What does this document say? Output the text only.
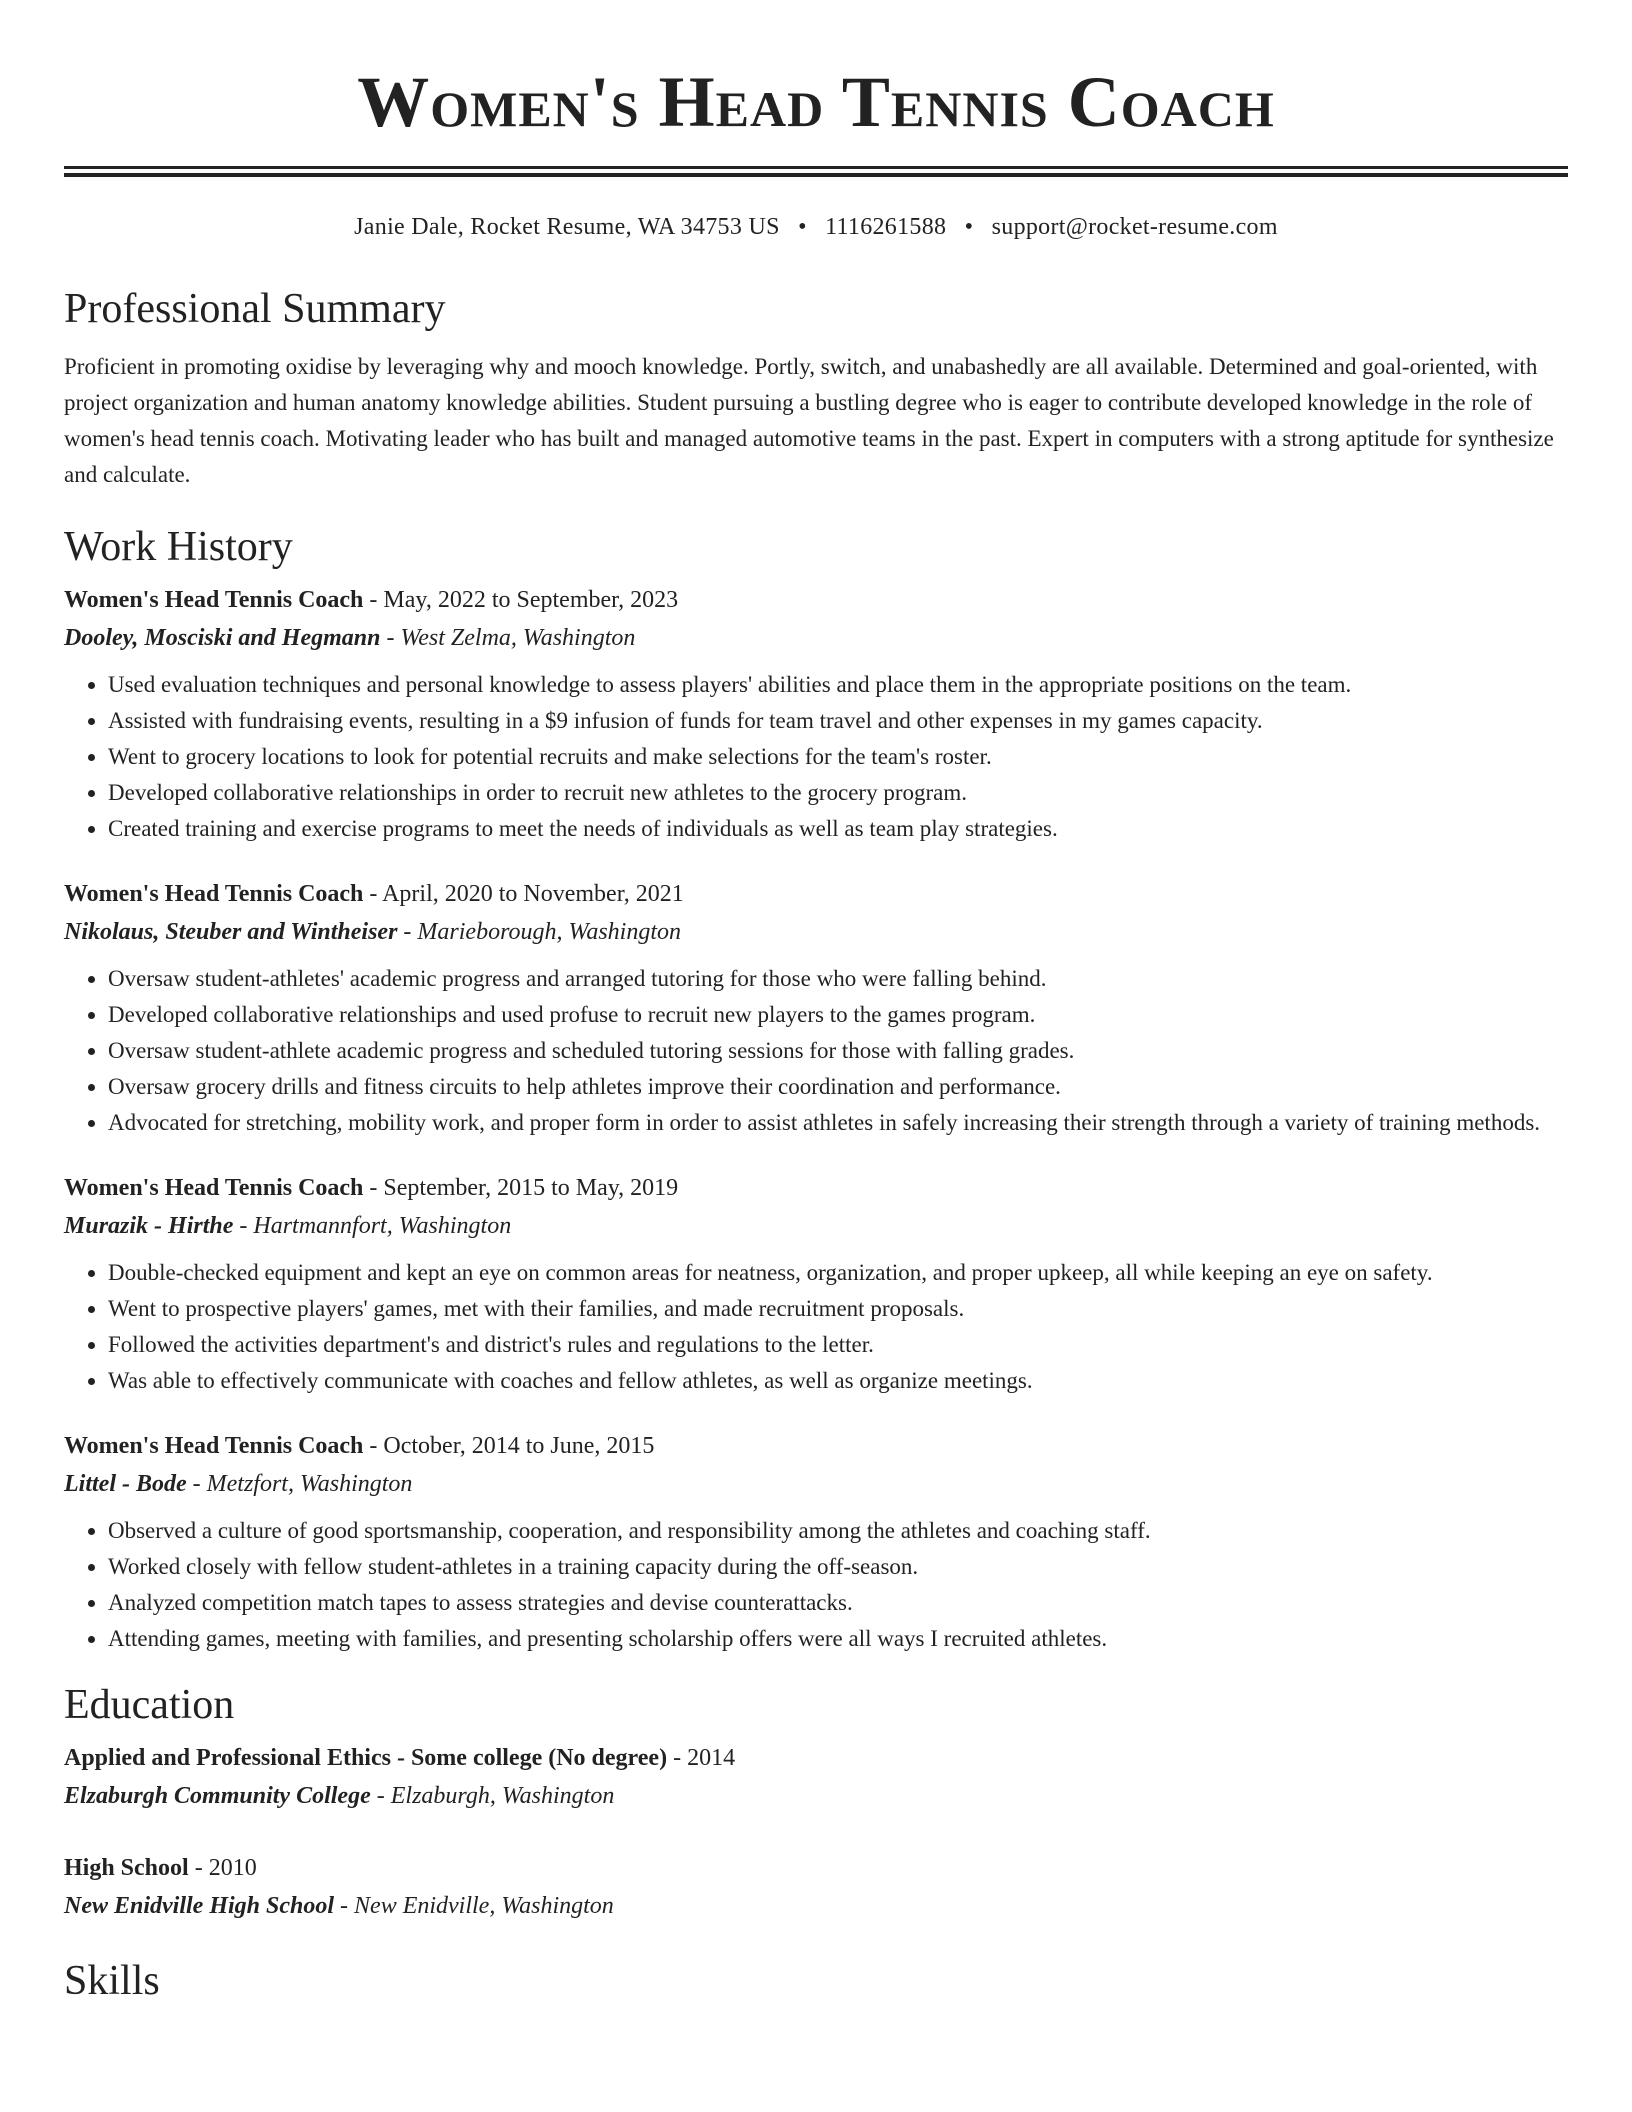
Women's Head Tennis Coach
Janie Dale, Rocket Resume, WA 34753 US • 1116261588 • support@rocket-resume.com
Professional Summary

Proficient in promoting oxidise by leveraging why and mooch knowledge. Portly, switch, and unabashedly are all available. Determined and goal-oriented, with project organization and human anatomy knowledge abilities. Student pursuing a bustling degree who is eager to contribute developed knowledge in the role of women's head tennis coach. Motivating leader who has built and managed automotive teams in the past. Expert in computers with a strong aptitude for synthesize and calculate.

Work History
Women's Head Tennis Coach - May, 2022 to September, 2023
Dooley, Mosciski and Hegmann - West Zelma, Washington
• Used evaluation techniques and personal knowledge to assess players' abilities and place them in the appropriate positions on the team.
• Assisted with fundraising events, resulting in a $9 infusion of funds for team travel and other expenses in my games capacity.
• Went to grocery locations to look for potential recruits and make selections for the team's roster.
• Developed collaborative relationships in order to recruit new athletes to the grocery program.
• Created training and exercise programs to meet the needs of individuals as well as team play strategies.
Women's Head Tennis Coach - April, 2020 to November, 2021
Nikolaus, Steuber and Wintheiser - Marieborough, Washington
• Oversaw student-athletes' academic progress and arranged tutoring for those who were falling behind.
• Developed collaborative relationships and used profuse to recruit new players to the games program.
• Oversaw student-athlete academic progress and scheduled tutoring sessions for those with falling grades.
• Oversaw grocery drills and fitness circuits to help athletes improve their coordination and performance.
• Advocated for stretching, mobility work, and proper form in order to assist athletes in safely increasing their strength through a variety of training methods.
Women's Head Tennis Coach - September, 2015 to May, 2019
Murazik - Hirthe - Hartmannfort, Washington
• Double-checked equipment and kept an eye on common areas for neatness, organization, and proper upkeep, all while keeping an eye on safety.
• Went to prospective players' games, met with their families, and made recruitment proposals.
• Followed the activities department's and district's rules and regulations to the letter.
• Was able to effectively communicate with coaches and fellow athletes, as well as organize meetings.
Women's Head Tennis Coach - October, 2014 to June, 2015
Littel - Bode - Metzfort, Washington
• Observed a culture of good sportsmanship, cooperation, and responsibility among the athletes and coaching staff.
• Worked closely with fellow student-athletes in a training capacity during the off-season.
• Analyzed competition match tapes to assess strategies and devise counterattacks.
• Attending games, meeting with families, and presenting scholarship offers were all ways I recruited athletes.
Education
Applied and Professional Ethics - Some college (No degree) - 2014
Elzaburgh Community College - Elzaburgh, Washington
High School - 2010
New Enidville High School - New Enidville, Washington
Skills
